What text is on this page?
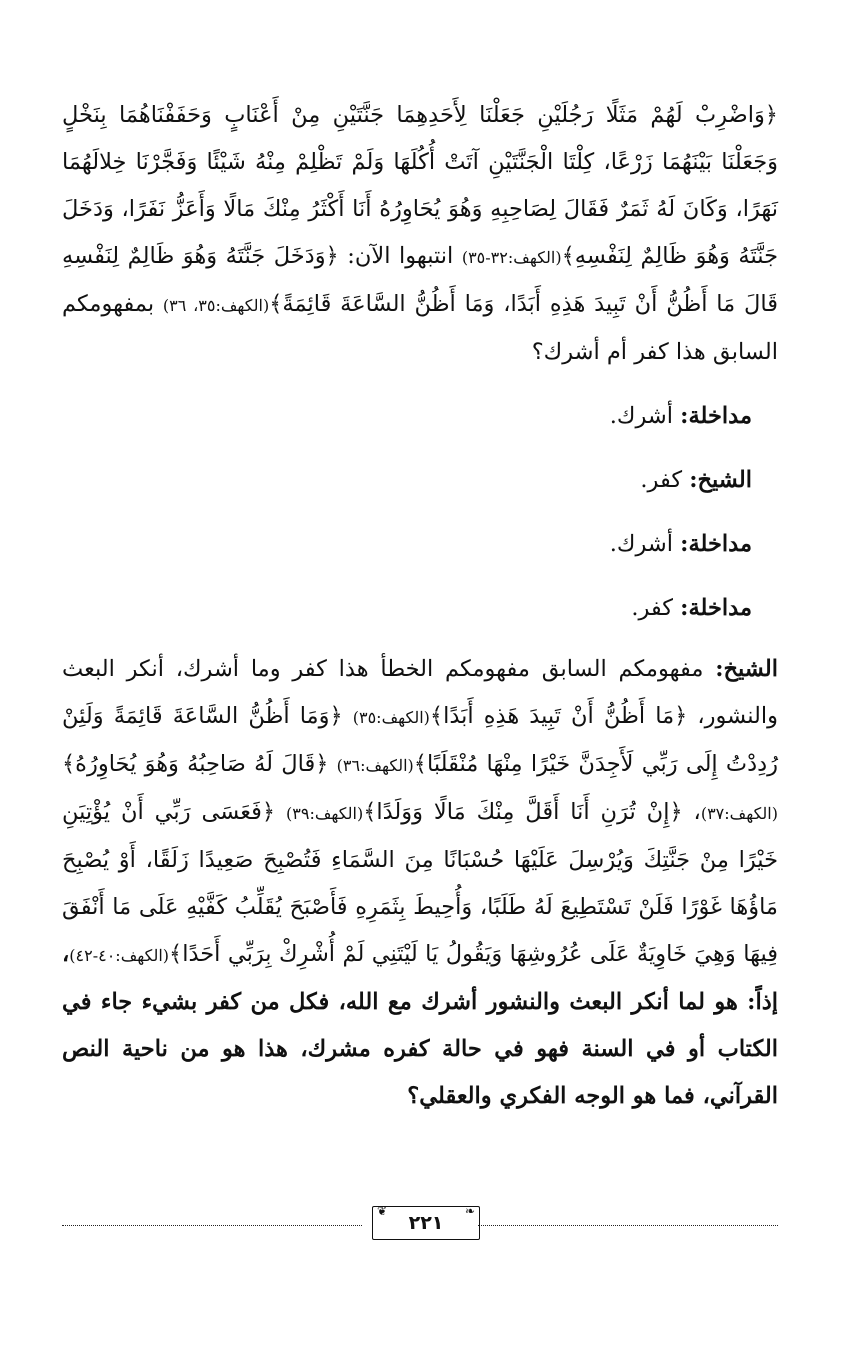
﴿وَاضْرِبْ لَهُمْ مَثَلًا رَجُلَيْنِ جَعَلْنَا لِأَحَدِهِمَا جَنَّتَيْنِ مِنْ أَعْنَابٍ وَحَفَفْنَاهُمَا بِنَخْلٍ وَجَعَلْنَا بَيْنَهُمَا زَرْعًا، كِلْتَا الْجَنَّتَيْنِ آتَتْ أُكُلَهَا وَلَمْ تَظْلِمْ مِنْهُ شَيْئًا وَفَجَّرْنَا خِلالَهُمَا نَهَرًا، وَكَانَ لَهُ ثَمَرٌ فَقَالَ لِصَاحِبِهِ وَهُوَ يُحَاوِرُهُ أَنَا أَكْثَرُ مِنْكَ مَالًا وَأَعَزُّ نَفَرًا، وَدَخَلَ جَنَّتَهُ وَهُوَ ظَالِمٌ لِنَفْسِهِ﴾(الكهف:٣٢-٣٥) انتبهوا الآن: ﴿وَدَخَلَ جَنَّتَهُ وَهُوَ ظَالِمٌ لِنَفْسِهِ قَالَ مَا أَظُنُّ أَنْ تَبِيدَ هَذِهِ أَبَدًا، وَمَا أَظُنُّ السَّاعَةَ قَائِمَةً﴾(الكهف:٣٥، ٣٦) بمفهومكم السابق هذا كفر أم أشرك؟

مداخلة: أشرك.

الشيخ: كفر.

مداخلة: أشرك.

مداخلة: كفر.

الشيخ: مفهومكم السابق مفهومكم الخطأ هذا كفر وما أشرك، أنكر البعث والنشور، ﴿مَا أَظُنُّ أَنْ تَبِيدَ هَذِهِ أَبَدًا﴾(الكهف:٣٥) ﴿وَمَا أَظُنُّ السَّاعَةَ قَائِمَةً وَلَئِنْ رُدِدْتُ إِلَى رَبِّي لَأَجِدَنَّ خَيْرًا مِنْهَا مُنْقَلَبًا﴾(الكهف:٣٦) ﴿قَالَ لَهُ صَاحِبُهُ وَهُوَ يُحَاوِرُهُ﴾(الكهف:٣٧)، ﴿إِنْ تُرَنِ أَنَا أَقَلَّ مِنْكَ مَالًا وَوَلَدًا﴾(الكهف:٣٩) ﴿فَعَسَى رَبِّي أَنْ يُؤْتِيَنِ خَيْرًا مِنْ جَنَّتِكَ وَيُرْسِلَ عَلَيْهَا حُسْبَانًا مِنَ السَّمَاءِ فَتُصْبِحَ صَعِيدًا زَلَقًا، أَوْ يُصْبِحَ مَاؤُهَا غَوْرًا فَلَنْ تَسْتَطِيعَ لَهُ طَلَبًا، وَأُحِيطَ بِثَمَرِهِ فَأَصْبَحَ يُقَلِّبُ كَفَّيْهِ عَلَى مَا أَنْفَقَ فِيهَا وَهِيَ خَاوِيَةٌ عَلَى عُرُوشِهَا وَيَقُولُ يَا لَيْتَنِي لَمْ أُشْرِكْ بِرَبِّي أَحَدًا﴾(الكهف:٤٠-٤٢)، إذاً: هو لما أنكر البعث والنشور أشرك مع الله، فكل من كفر بشيء جاء في الكتاب أو في السنة فهو في حالة كفره مشرك، هذا هو من ناحية النص القرآني، فما هو الوجه الفكري والعقلي؟

❦
٢٢١
❧
